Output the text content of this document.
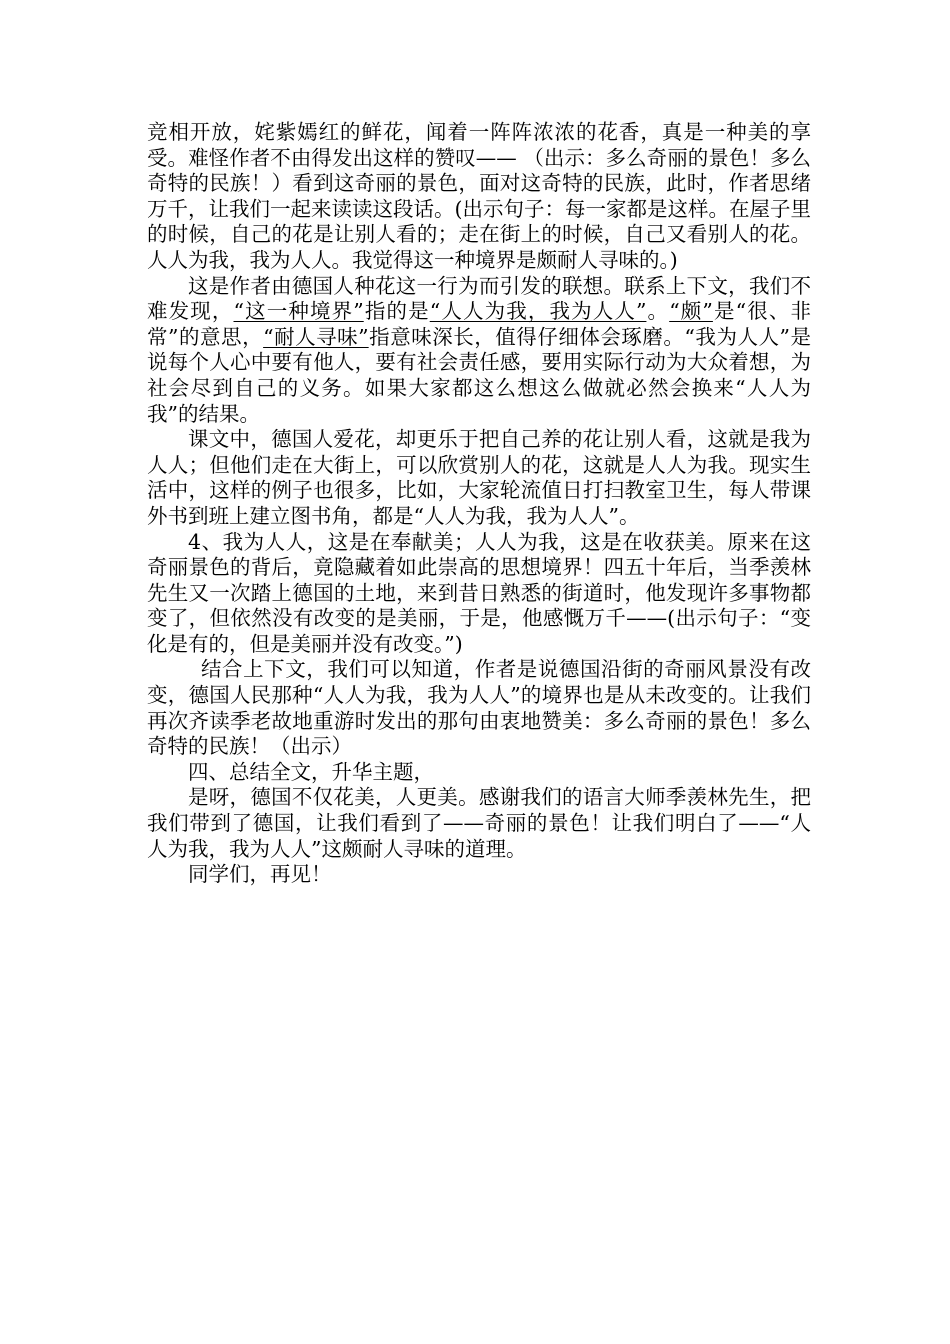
竞相开放，姹紫嫣红的鲜花，闻着一阵阵浓浓的花香，真是一种美的享受。难怪作者不由得发出这样的赞叹—— （出示：多么奇丽的景色！多么奇特的民族！）看到这奇丽的景色，面对这奇特的民族，此时，作者思绪万千，让我们一起来读读这段话。(出示句子：每一家都是这样。在屋子里的时候，自己的花是让别人看的；走在街上的时候，自己又看别人的花。人人为我，我为人人。我觉得这一种境界是颇耐人寻味的。)

这是作者由德国人种花这一行为而引发的联想。联系上下文，我们不难发现，“这一种境界”指的是“人人为我，我为人人”。“颇”是“很、非常”的意思，“耐人寻味”指意味深长，值得仔细体会琢磨。“我为人人”是说每个人心中要有他人，要有社会责任感，要用实际行动为大众着想，为社会尽到自己的义务。如果大家都这么想这么做就必然会换来“人人为我”的结果。

课文中，德国人爱花，却更乐于把自己养的花让别人看，这就是我为人人；但他们走在大街上，可以欣赏别人的花，这就是人人为我。现实生活中，这样的例子也很多，比如，大家轮流值日打扫教室卫生，每人带课外书到班上建立图书角，都是“人人为我，我为人人”。

4、我为人人，这是在奉献美；人人为我，这是在收获美。原来在这奇丽景色的背后，竟隐藏着如此崇高的思想境界！四五十年后，当季羡林先生又一次踏上德国的土地，来到昔日熟悉的街道时，他发现许多事物都变了，但依然没有改变的是美丽，于是，他感慨万千——(出示句子：“变化是有的，但是美丽并没有改变。”)

结合上下文，我们可以知道，作者是说德国沿街的奇丽风景没有改变，德国人民那种“人人为我，我为人人”的境界也是从未改变的。让我们再次齐读季老故地重游时发出的那句由衷地赞美：多么奇丽的景色！多么奇特的民族！（出示）

四、总结全文，升华主题，

是呀，德国不仅花美，人更美。感谢我们的语言大师季羡林先生，把我们带到了德国，让我们看到了——奇丽的景色！让我们明白了——“人人为我，我为人人”这颇耐人寻味的道理。

同学们，再见！
